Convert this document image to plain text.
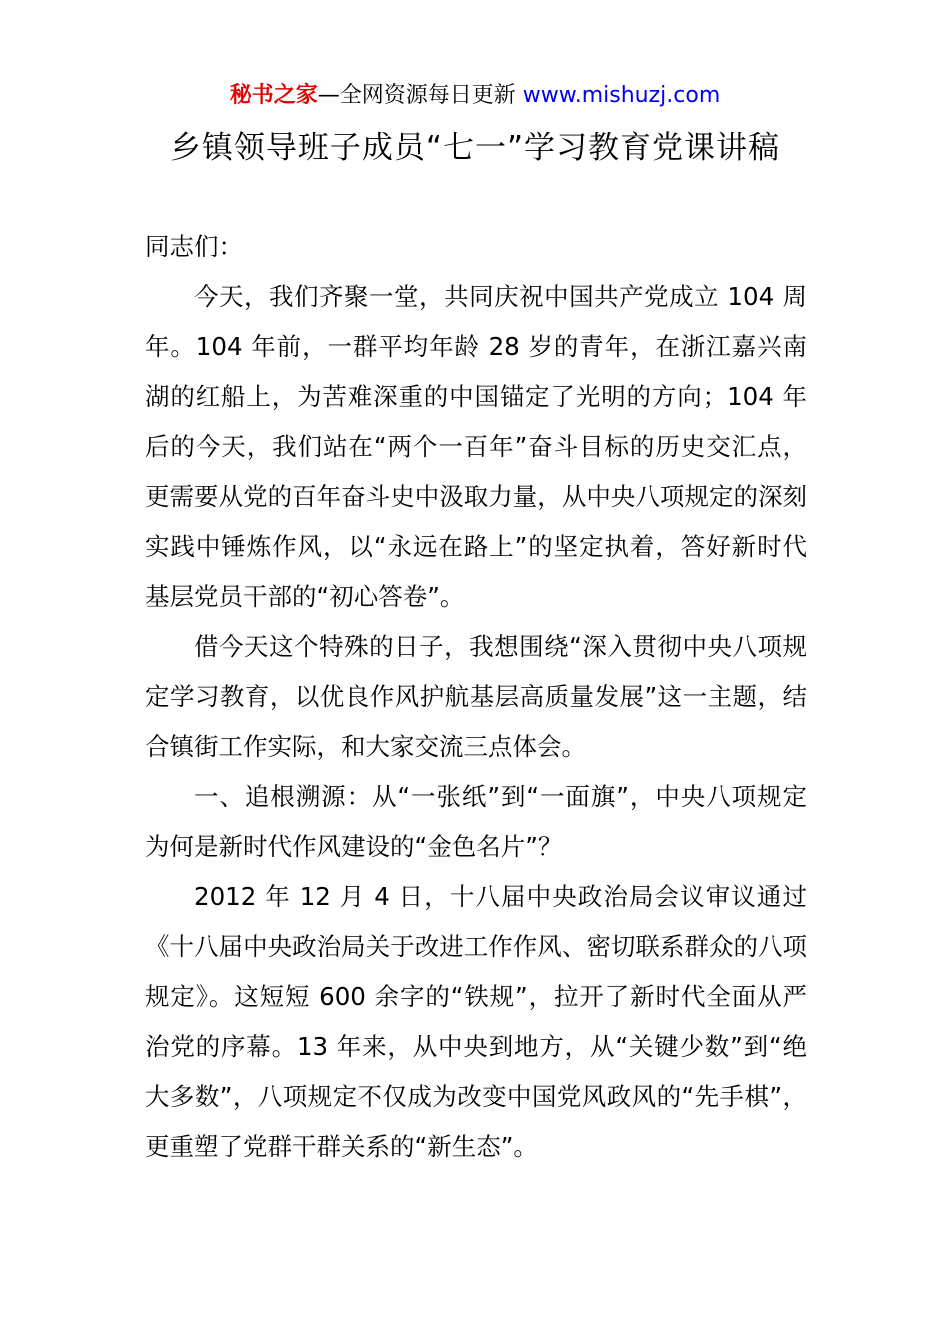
秘书之家—全网资源每日更新 www.mishuzj.com
乡镇领导班子成员“七一”学习教育党课讲稿

同志们：

今天，我们齐聚一堂，共同庆祝中国共产党成立 104 周年。104 年前，一群平均年龄 28 岁的青年，在浙江嘉兴南湖的红船上，为苦难深重的中国锚定了光明的方向；104 年后的今天，我们站在“两个一百年”奋斗目标的历史交汇点，更需要从党的百年奋斗史中汲取力量，从中央八项规定的深刻实践中锤炼作风，以“永远在路上”的坚定执着，答好新时代基层党员干部的“初心答卷”。

借今天这个特殊的日子，我想围绕“深入贯彻中央八项规定学习教育，以优良作风护航基层高质量发展”这一主题，结合镇街工作实际，和大家交流三点体会。

一、追根溯源：从“一张纸”到“一面旗”，中央八项规定为何是新时代作风建设的“金色名片”？

2012 年 12 月 4 日，十八届中央政治局会议审议通过《十八届中央政治局关于改进工作作风、密切联系群众的八项规定》。这短短 600 余字的“铁规”，拉开了新时代全面从严治党的序幕。13 年来，从中央到地方，从“关键少数”到“绝大多数”，八项规定不仅成为改变中国党风政风的“先手棋”，更重塑了党群干群关系的“新生态”。
